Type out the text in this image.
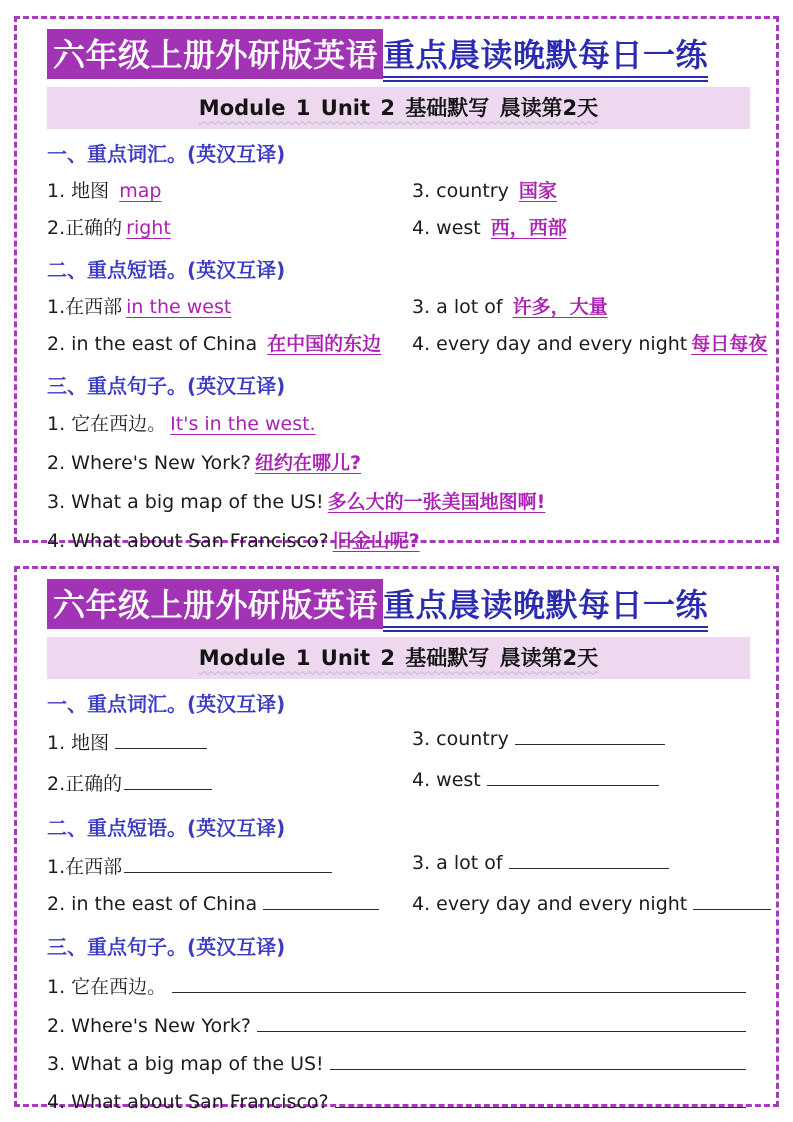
六年级上册外研版英语 重点晨读晚默每日一练
Module 1 Unit 2 基础默写 晨读第2天
一、重点词汇。(英汉互译)
1. 地图 map	3. country 国家
2.正确的 right	4. west 西，西部
二、重点短语。(英汉互译)
1.在西部 in the west	3. a lot of 许多，大量
2. in the east of China 在中国的东边	4. every day and every night 每日每夜
三、重点句子。(英汉互译)
1. 它在西边。 It's in the west.
2. Where's New York? 纽约在哪儿?
3. What a big map of the US! 多么大的一张美国地图啊!
4. What about San Francisco? 旧金山呢?
六年级上册外研版英语 重点晨读晚默每日一练
Module 1 Unit 2 基础默写 晨读第2天
一、重点词汇。(英汉互译)
1. 地图	3. country
2.正确的	4. west
二、重点短语。(英汉互译)
1.在西部	3. a lot of
2. in the east of China	4. every day and every night
三、重点句子。(英汉互译)
1. 它在西边。
2. Where's New York?
3. What a big map of the US!
4. What about San Francisco?
